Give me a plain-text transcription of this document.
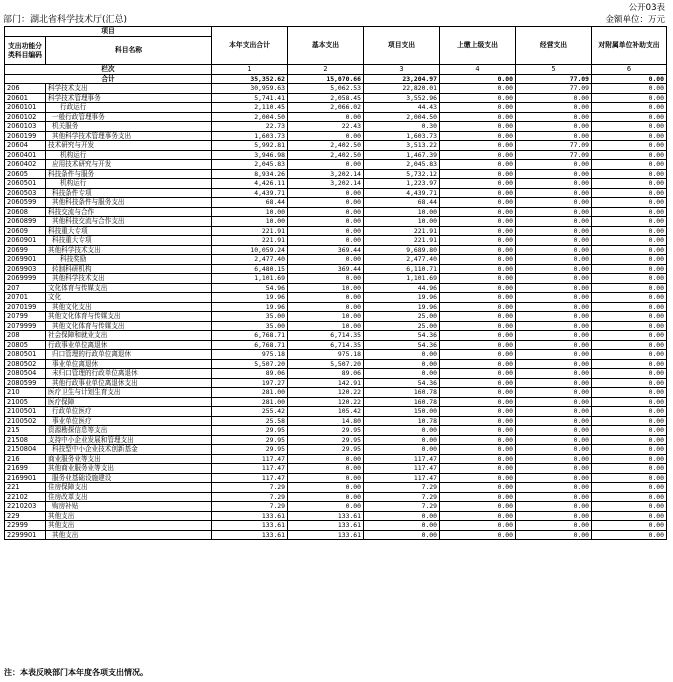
部门：湖北省科学技术厅(汇总)
公开03表
金额单位：万元
项目		本年支出合计	基本支出	项目支出	上缴上级支出	经营支出	对附属单位补助支出
支出功能分类科目编码	科目名称						
栏次		1	2	3	4	5	6
合计		35,352.62	15,070.66	23,204.97	0.00	77.09	0.00
206	科学技术支出	30,959.63	5,062.53	22,820.01	0.00	77.09	0.00
20601	科学技术管理事务	5,741.41	2,058.45	3,552.96	0.00	0.00	0.00
2060101	行政运行	2,110.45	2,066.02	44.43	0.00	0.00	0.00
2060102	一般行政管理事务	2,004.50	0.00	2,004.50	0.00	0.00	0.00
2060103	机关服务	22.73	22.43	0.30	0.00	0.00	0.00
2060199	其他科学技术管理事务支出	1,603.73	0.00	1,603.73	0.00	0.00	0.00
20604	技术研究与开发	5,992.81	2,402.50	3,513.22	0.00	77.09	0.00
2060401	机构运行	3,946.98	2,402.50	1,467.39	0.00	77.09	0.00
2060402	应用技术研究与开发	2,045.83	0.00	2,045.83	0.00	0.00	0.00
20605	科技条件与服务	8,934.26	3,202.14	5,732.12	0.00	0.00	0.00
2060501	机构运行	4,426.11	3,202.14	1,223.97	0.00	0.00	0.00
2060503	科技条件专项	4,439.71	0.00	4,439.71	0.00	0.00	0.00
2060599	其他科技条件与服务支出	68.44	0.00	68.44	0.00	0.00	0.00
20608	科技交流与合作	10.00	0.00	10.00	0.00	0.00	0.00
2060899	其他科技交流与合作支出	10.00	0.00	10.00	0.00	0.00	0.00
20609	科技重大专项	221.91	0.00	221.91	0.00	0.00	0.00
2060901	科技重大专项	221.91	0.00	221.91	0.00	0.00	0.00
20699	其他科学技术支出	10,059.24	369.44	9,689.80	0.00	0.00	0.00
2069901	科技奖励	2,477.40	0.00	2,477.40	0.00	0.00	0.00
2069903	转制科研机构	6,480.15	369.44	6,110.71	0.00	0.00	0.00
2069999	其他科学技术支出	1,101.69	0.00	1,101.69	0.00	0.00	0.00
207	文化体育与传媒支出	54.96	10.00	44.96	0.00	0.00	0.00
20701	文化	19.96	0.00	19.96	0.00	0.00	0.00
2070199	其他文化支出	19.96	0.00	19.96	0.00	0.00	0.00
20799	其他文化体育与传媒支出	35.00	10.00	25.00	0.00	0.00	0.00
2079999	其他文化体育与传媒支出	35.00	10.00	25.00	0.00	0.00	0.00
208	社会保障和就业支出	6,768.71	6,714.35	54.36	0.00	0.00	0.00
20805	行政事业单位离退休	6,768.71	6,714.35	54.36	0.00	0.00	0.00
2080501	归口管理的行政单位离退休	975.18	975.18	0.00	0.00	0.00	0.00
2080502	事业单位离退休	5,507.20	5,507.20	0.00	0.00	0.00	0.00
2080504	未归口管理的行政单位离退休	89.06	89.06	0.00	0.00	0.00	0.00
2080599	其他行政事业单位离退休支出	197.27	142.91	54.36	0.00	0.00	0.00
210	医疗卫生与计划生育支出	281.00	120.22	160.78	0.00	0.00	0.00
21005	医疗保障	281.00	120.22	160.78	0.00	0.00	0.00
2100501	行政单位医疗	255.42	105.42	150.00	0.00	0.00	0.00
2100502	事业单位医疗	25.58	14.80	10.78	0.00	0.00	0.00
215	资源勘探信息等支出	29.95	29.95	0.00	0.00	0.00	0.00
21508	支持中小企业发展和管理支出	29.95	29.95	0.00	0.00	0.00	0.00
2150804	科技型中小企业技术创新基金	29.95	29.95	0.00	0.00	0.00	0.00
216	商业服务业等支出	117.47	0.00	117.47	0.00	0.00	0.00
21699	其他商业服务业等支出	117.47	0.00	117.47	0.00	0.00	0.00
2169901	服务业基础设施建设	117.47	0.00	117.47	0.00	0.00	0.00
221	住房保障支出	7.29	0.00	7.29	0.00	0.00	0.00
22102	住房改革支出	7.29	0.00	7.29	0.00	0.00	0.00
2210203	购房补贴	7.29	0.00	7.29	0.00	0.00	0.00
229	其他支出	133.61	133.61	0.00	0.00	0.00	0.00
22999	其他支出	133.61	133.61	0.00	0.00	0.00	0.00
2299901	其他支出	133.61	133.61	0.00	0.00	0.00	0.00
注：本表反映部门本年度各项支出情况。
